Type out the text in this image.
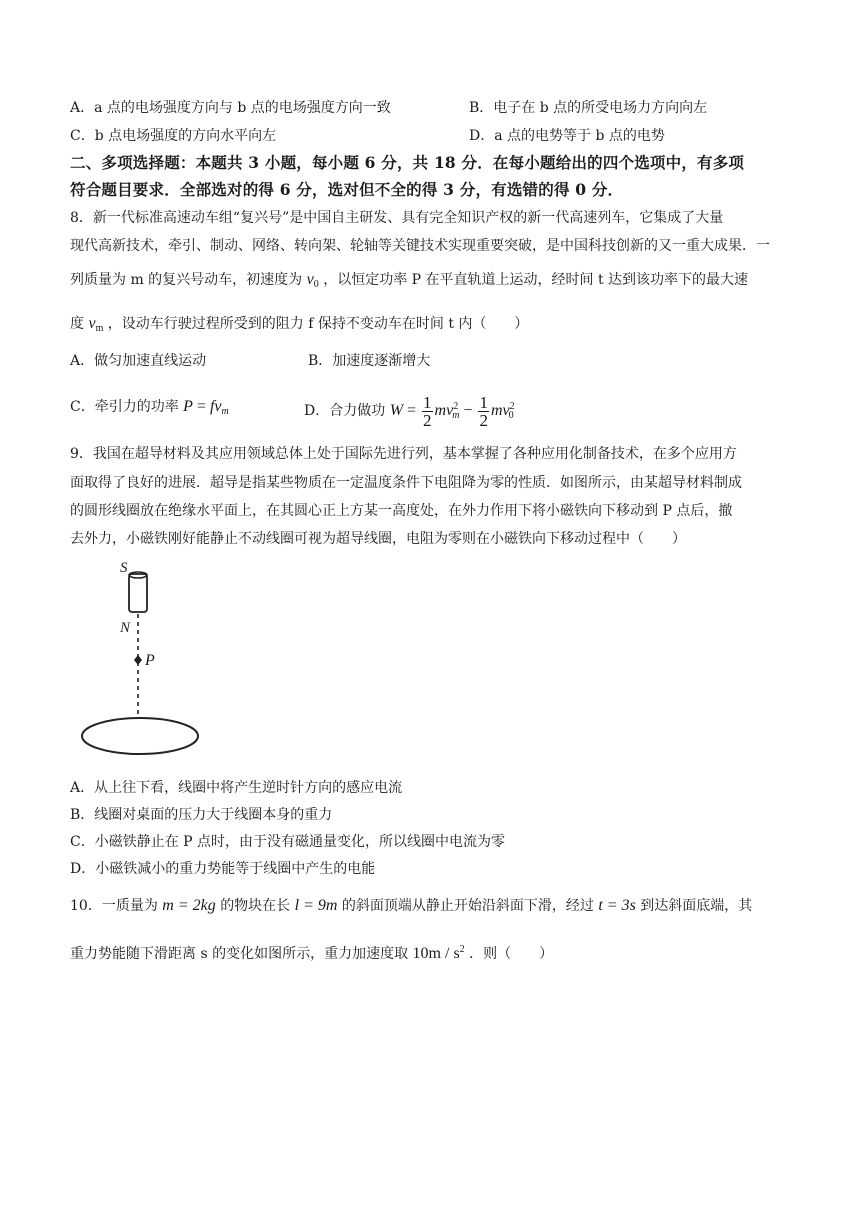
A．a 点的电场强度方向与 b 点的电场强度方向一致	B．电子在 b 点的所受电场力方向向左
C．b 点电场强度的方向水平向左	D．a 点的电势等于 b 点的电势
二、多项选择题：本题共 3 小题，每小题 6 分，共 18 分．在每小题给出的四个选项中，有多项
符合题目要求．全部选对的得 6 分，选对但不全的得 3 分，有选错的得 0 分．
8．新一代标准高速动车组“复兴号”是中国自主研发、具有完全知识产权的新一代高速列车，它集成了大量
现代高新技术，牵引、制动、网络、转向架、轮轴等关键技术实现重要突破，是中国科技创新的又一重大成果．一
列质量为 m 的复兴号动车，初速度为 $v_0$ ，以恒定功率 P 在平直轨道上运动，经时间 t 达到该功率下的最大速
度 $v_m$ ，设动车行驶过程所受到的阻力 f 保持不变动车在时间 t 内（　　）
A．做匀加速直线运动	B．加速度逐渐增大
C．牵引力的功率 $P = fv_m$	D．合力做功 $W = \frac{1}{2} mv^2_m - \frac{1}{2} mv^2_0$
9．我国在超导材料及其应用领域总体上处于国际先进行列，基本掌握了各种应用化制备技术，在多个应用方
面取得了良好的进展．超导是指某些物质在一定温度条件下电阻降为零的性质．如图所示，由某超导材料制成
的圆形线圈放在绝缘水平面上，在其圆心正上方某一高度处，在外力作用下将小磁铁向下移动到 P 点后，撤
去外力，小磁铁刚好能静止不动线圈可视为超导线圈，电阻为零则在小磁铁向下移动过程中（　　）
S
N
P
A．从上往下看，线圈中将产生逆时针方向的感应电流
B．线圈对桌面的压力大于线圈本身的重力
C．小磁铁静止在 P 点时，由于没有磁通量变化，所以线圈中电流为零
D．小磁铁减小的重力势能等于线圈中产生的电能
10．一质量为 m = 2kg 的物块在长 l = 9m 的斜面顶端从静止开始沿斜面下滑，经过 t = 3s 到达斜面底端，其
重力势能随下滑距离 s 的变化如图所示，重力加速度取 $10m / s^2$ ．则（　　）
